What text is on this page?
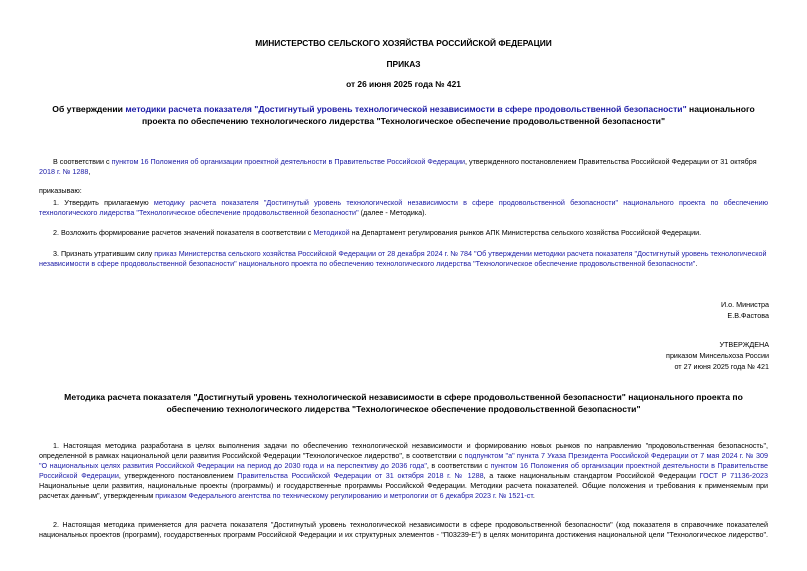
МИНИСТЕРСТВО СЕЛЬСКОГО ХОЗЯЙСТВА РОССИЙСКОЙ ФЕДЕРАЦИИ
ПРИКАЗ
от 26 июня 2025 года № 421
Об утверждении методики расчета показателя "Достигнутый уровень технологической независимости в сфере продовольственной безопасности" национального
проекта по обеспечению технологического лидерства "Технологическое обеспечение продовольственной безопасности"
В соответствии с пунктом 16 Положения об организации проектной деятельности в Правительстве Российской Федерации, утвержденного постановлением Правительства Российской Федерации от 31 октября
2018 г. № 1288,
приказываю:
1. Утвердить прилагаемую методику расчета показателя "Достигнутый уровень технологической независимости в сфере продовольственной безопасности" национального проекта по обеспечению
технологического лидерства "Технологическое обеспечение продовольственной безопасности" (далее - Методика).
2. Возложить формирование расчетов значений показателя в соответствии с Методикой на Департамент регулирования рынков АПК Министерства сельского хозяйства Российской Федерации.
3. Признать утратившим силу приказ Министерства сельского хозяйства Российской Федерации от 28 декабря 2024 г. № 784 "Об утверждении методики расчета показателя "Достигнутый уровень технологической
независимости в сфере продовольственной безопасности" национального проекта по обеспечению технологического лидерства "Технологическое обеспечение продовольственной безопасности".
И.о. Министра
Е.В.Фастова
УТВЕРЖДЕНА
приказом Минсельхоза России
от 27 июня 2025 года № 421
Методика расчета показателя "Достигнутый уровень технологической независимости в сфере продовольственной безопасности" национального проекта по
обеспечению технологического лидерства "Технологическое обеспечение продовольственной безопасности"
1. Настоящая методика разработана в целях выполнения задачи по обеспечению технологической независимости и формированию новых рынков по направлению "продовольственная безопасность",
определенной в рамках национальной цели развития Российской Федерации "Технологическое лидерство", в соответствии с подпунктом "а" пункта 7 Указа Президента Российской Федерации от 7 мая 2024 г. № 309
"О национальных целях развития Российской Федерации на период до 2030 года и на перспективу до 2036 года", в соответствии с пунктом 16 Положения об организации проектной деятельности в Правительстве
Российской Федерации, утвержденного постановлением Правительства Российской Федерации от 31 октября 2018 г. № 1288, а также национальным стандартом Российской Федерации ГОСТ Р 71136-2023
Национальные цели развития, национальные проекты (программы) и государственные программы Российской Федерации. Методики расчета показателей. Общие положения и требования к применяемым при
расчетах данным", утвержденным приказом Федерального агентства по техническому регулированию и метрологии от 6 декабря 2023 г. № 1521-ст.
2. Настоящая методика применяется для расчета показателя "Достигнутый уровень технологической независимости в сфере продовольственной безопасности" (код показателя в справочнике показателей
национальных проектов (программ), государственных программ Российской Федерации и их структурных элементов - "П03239-Е") в целях мониторинга достижения национальной цели "Технологическое лидерство".
